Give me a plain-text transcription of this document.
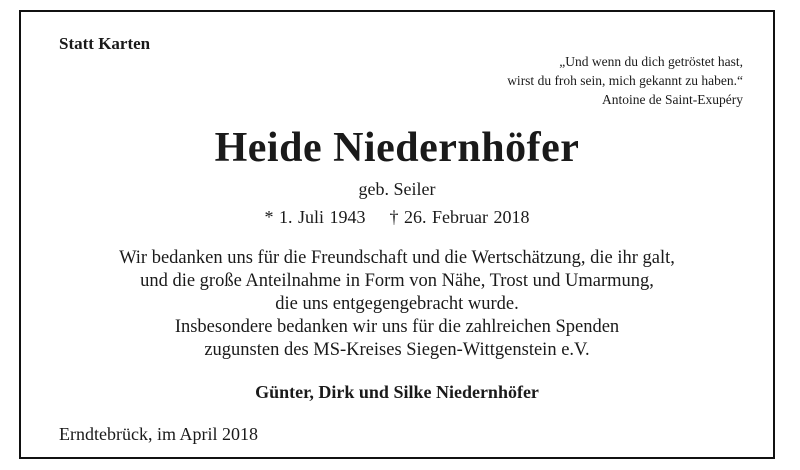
Statt Karten
„Und wenn du dich getröstet hast,
wirst du froh sein, mich gekannt zu haben.“
Antoine de Saint-Exupéry
Heide Niedernhöfer
geb. Seiler
* 1. Juli 1943 † 26. Februar 2018
Wir bedanken uns für die Freundschaft und die Wertschätzung, die ihr galt,
und die große Anteilnahme in Form von Nähe, Trost und Umarmung,
die uns entgegengebracht wurde.
Insbesondere bedanken wir uns für die zahlreichen Spenden
zugunsten des MS-Kreises Siegen-Wittgenstein e.V.
Günter, Dirk und Silke Niedernhöfer
Erndtebrück, im April 2018
